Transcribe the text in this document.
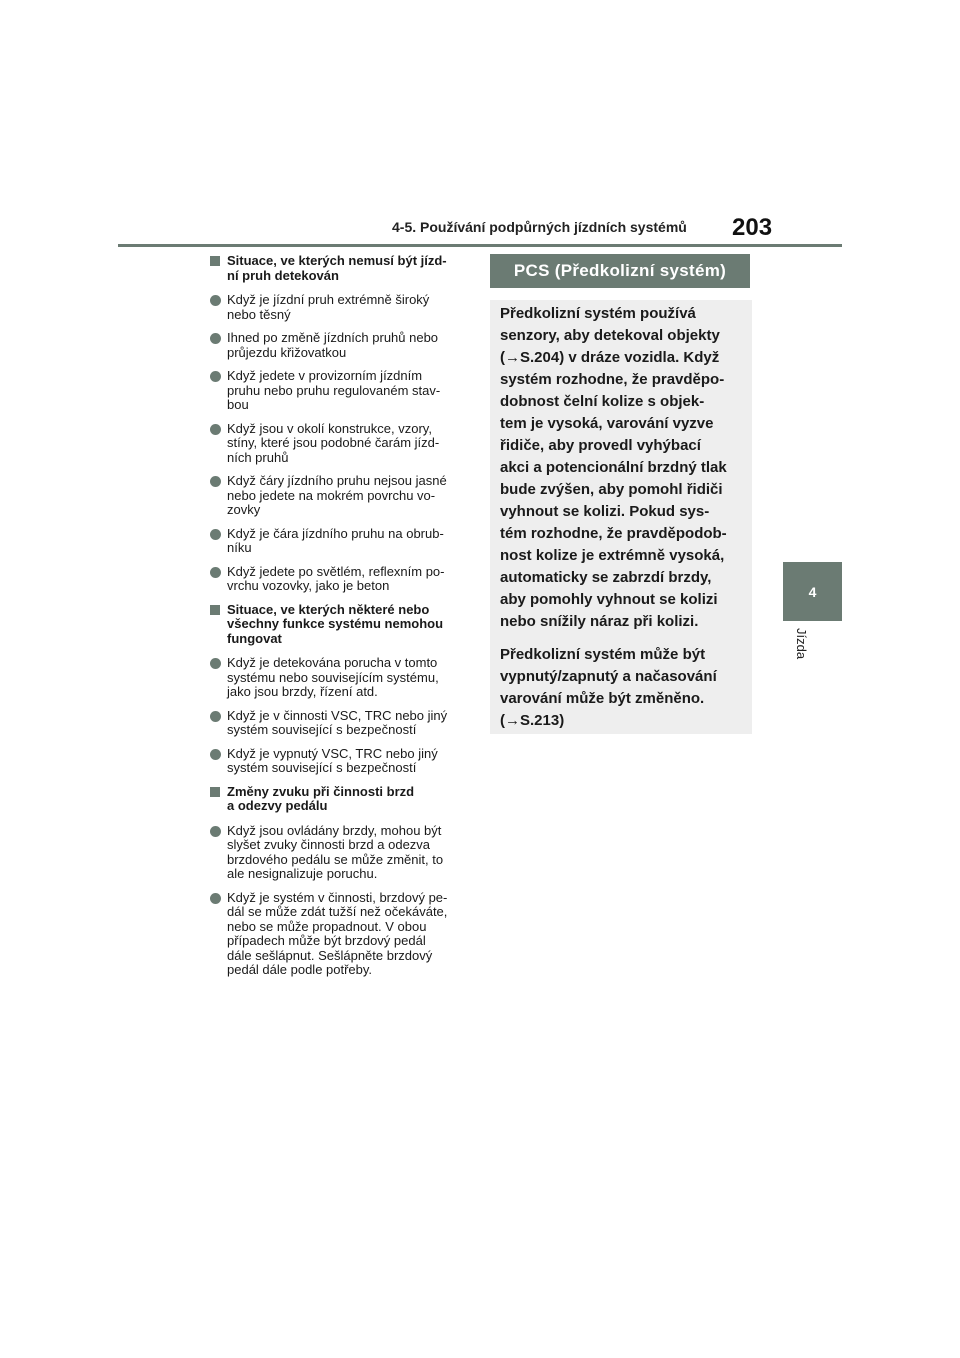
4-5. Používání podpůrných jízdních systémů 203
4
Jízda
Situace, ve kterých nemusí být jízd-
ní pruh detekován
Když je jízdní pruh extrémně široký
nebo těsný
Ihned po změně jízdních pruhů nebo
průjezdu křižovatkou
Když jedete v provizorním jízdním
pruhu nebo pruhu regulovaném stav-
bou
Když jsou v okolí konstrukce, vzory,
stíny, které jsou podobné čarám jízd-
ních pruhů
Když čáry jízdního pruhu nejsou jasné
nebo jedete na mokrém povrchu vo-
zovky
Když je čára jízdního pruhu na obrub-
níku
Když jedete po světlém, reflexním po-
vrchu vozovky, jako je beton
Situace, ve kterých některé nebo
všechny funkce systému nemohou
fungovat
Když je detekována porucha v tomto
systému nebo souvisejícím systému,
jako jsou brzdy, řízení atd.
Když je v činnosti VSC, TRC nebo jiný
systém související s bezpečností
Když je vypnutý VSC, TRC nebo jiný
systém související s bezpečností
Změny zvuku při činnosti brzd
a odezvy pedálu
Když jsou ovládány brzdy, mohou být
slyšet zvuky činnosti brzd a odezva
brzdového pedálu se může změnit, to
ale nesignalizuje poruchu.
Když je systém v činnosti, brzdový pe-
dál se může zdát tužší než očekáváte,
nebo se může propadnout. V obou
případech může být brzdový pedál
dále sešlápnut. Sešlápněte brzdový
pedál dále podle potřeby.
PCS (Předkolizní systém)

Předkolizní systém používá
senzory, aby detekoval objekty
(→S.204) v dráze vozidla. Když
systém rozhodne, že pravděpo-
dobnost čelní kolize s objek-
tem je vysoká, varování vyzve
řidiče, aby provedl vyhýbací
akci a potencionální brzdný tlak
bude zvýšen, aby pomohl řidiči
vyhnout se kolizi. Pokud sys-
tém rozhodne, že pravděpodob-
nost kolize je extrémně vysoká,
automaticky se zabrzdí brzdy,
aby pomohly vyhnout se kolizi
nebo snížily náraz při kolizi.

Předkolizní systém může být
vypnutý/zapnutý a načasování
varování může být změněno.
(→S.213)
